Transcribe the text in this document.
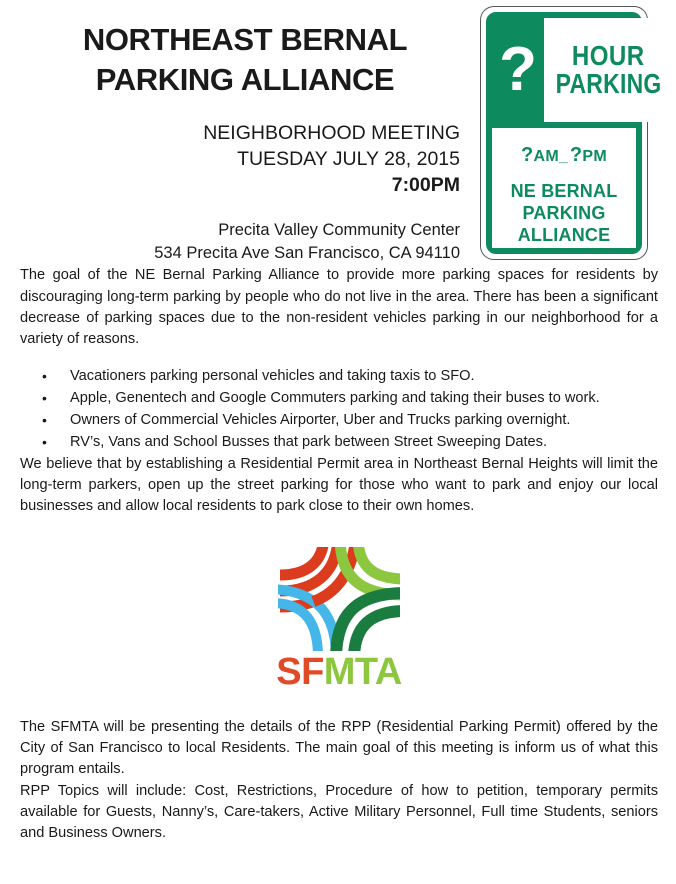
NORTHEAST BERNAL
PARKING ALLIANCE
NEIGHBORHOOD MEETING
TUESDAY JULY 28, 2015
7:00PM
Precita Valley Community Center
534 Precita Ave San Francisco, CA 94110
? HOUR
PARKING
?AM_?PM
NE BERNAL
PARKING
ALLIANCE

The goal of the NE Bernal Parking Alliance to provide more parking spaces for residents by discouraging long-term parking by people who do not live in the area. There has been a significant decrease of parking spaces due to the non-resident vehicles parking in our neighborhood for a variety of reasons.

• Vacationers parking personal vehicles and taking taxis to SFO.
• Apple, Genentech and Google Commuters parking and taking their buses to work.
• Owners of Commercial Vehicles Airporter, Uber and Trucks parking overnight.
• RV’s, Vans and School Busses that park between Street Sweeping Dates.

We believe that by establishing a Residential Permit area in Northeast Bernal Heights will limit the long-term parkers, open up the street parking for those who want to park and enjoy our local businesses and allow local residents to park close to their own homes.

SFMTA

The SFMTA will be presenting the details of the RPP (Residential Parking Permit) offered by the City of San Francisco to local Residents. The main goal of this meeting is inform us of what this program entails.

RPP Topics will include: Cost, Restrictions, Procedure of how to petition, temporary permits available for Guests, Nanny’s, Care-takers, Active Military Personnel, Full time Students, seniors and Business Owners.
